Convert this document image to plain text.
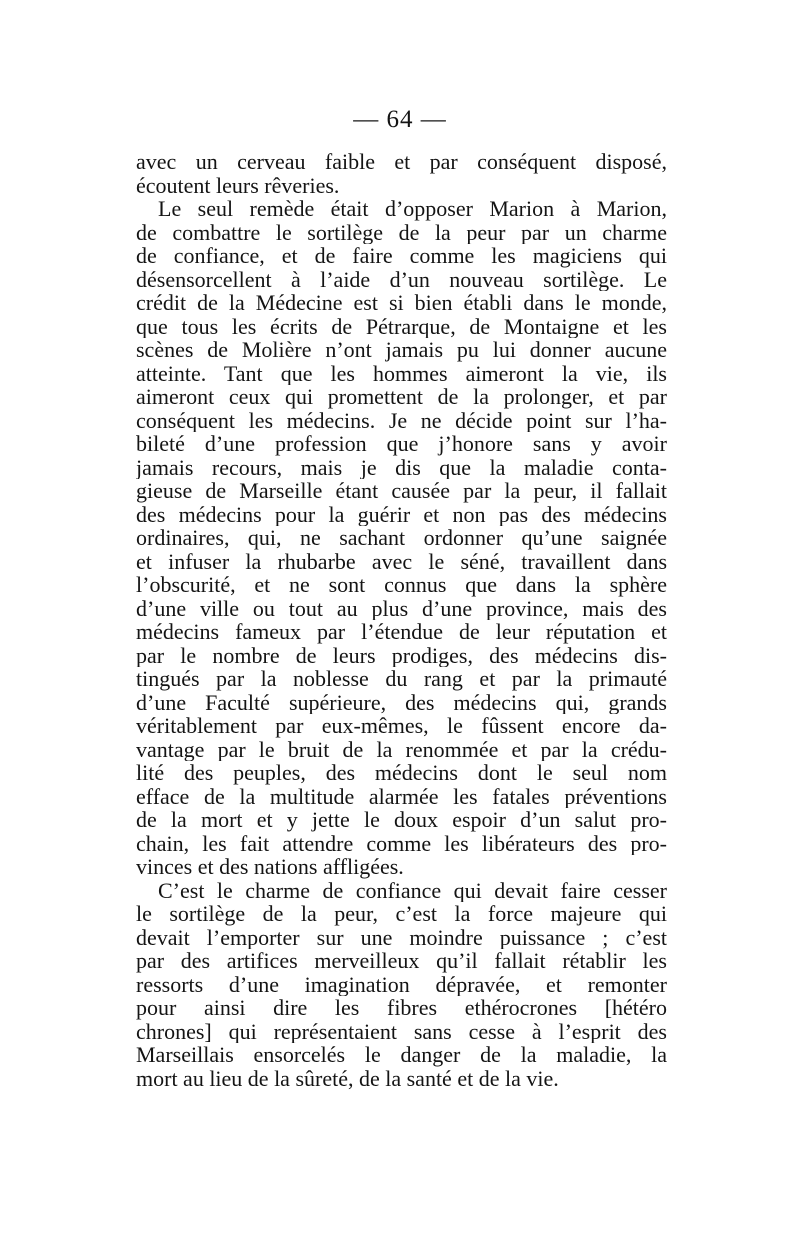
— 64 —
avec un cerveau faible et par conséquent disposé,
écoutent leurs rêveries.
Le seul remède était d’opposer Marion à Marion,
de combattre le sortilège de la peur par un charme
de confiance, et de faire comme les magiciens qui
désensorcellent à l’aide d’un nouveau sortilège. Le
crédit de la Médecine est si bien établi dans le monde,
que tous les écrits de Pétrarque, de Montaigne et les
scènes de Molière n’ont jamais pu lui donner aucune
atteinte. Tant que les hommes aimeront la vie, ils
aimeront ceux qui promettent de la prolonger, et par
conséquent les médecins. Je ne décide point sur l’ha-
bileté d’une profession que j’honore sans y avoir
jamais recours, mais je dis que la maladie conta-
gieuse de Marseille étant causée par la peur, il fallait
des médecins pour la guérir et non pas des médecins
ordinaires, qui, ne sachant ordonner qu’une saignée
et infuser la rhubarbe avec le séné, travaillent dans
l’obscurité, et ne sont connus que dans la sphère
d’une ville ou tout au plus d’une province, mais des
médecins fameux par l’étendue de leur réputation et
par le nombre de leurs prodiges, des médecins dis-
tingués par la noblesse du rang et par la primauté
d’une Faculté supérieure, des médecins qui, grands
véritablement par eux-mêmes, le fûssent encore da-
vantage par le bruit de la renommée et par la crédu-
lité des peuples, des médecins dont le seul nom
efface de la multitude alarmée les fatales préventions
de la mort et y jette le doux espoir d’un salut pro-
chain, les fait attendre comme les libérateurs des pro-
vinces et des nations affligées.
C’est le charme de confiance qui devait faire cesser
le sortilège de la peur, c’est la force majeure qui
devait l’emporter sur une moindre puissance ; c’est
par des artifices merveilleux qu’il fallait rétablir les
ressorts d’une imagination dépravée, et remonter
pour ainsi dire les fibres ethérocrones [hétéro
chrones] qui représentaient sans cesse à l’esprit des
Marseillais ensorcelés le danger de la maladie, la
mort au lieu de la sûreté, de la santé et de la vie.
